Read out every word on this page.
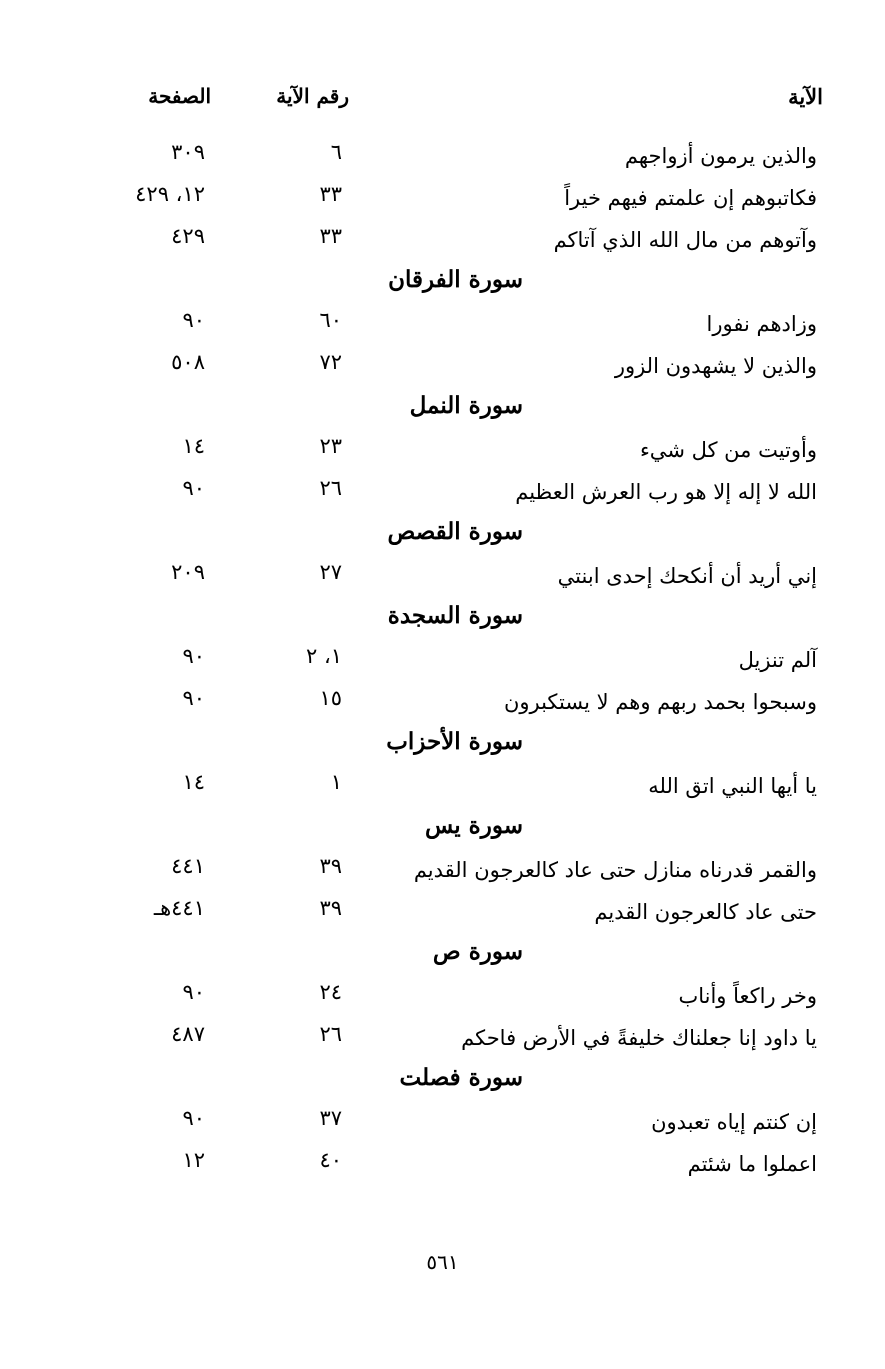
الآية
رقم الآية
الصفحة
والذين يرمون أزواجهم
٦
٣٠٩
فكاتبوهم إن علمتم فيهم خيراً
٣٣
١٢، ٤٢٩
وآتوهم من مال الله الذي آتاكم
٣٣
٤٢٩
سورة الفرقان
وزادهم نفورا
٦٠
٩٠
والذين لا يشهدون الزور
٧٢
٥٠٨
سورة النمل
وأوتيت من كل شيء
٢٣
١٤
الله لا إله إلا هو رب العرش العظيم
٢٦
٩٠
سورة القصص
إني أريد أن أنكحك إحدى ابنتي
٢٧
٢٠٩
سورة السجدة
آلم تنزيل
١، ٢
٩٠
وسبحوا بحمد ربهم وهم لا يستكبرون
١٥
٩٠
سورة الأحزاب
يا أيها النبي اتق الله
١
١٤
سورة يس
والقمر قدرناه منازل حتى عاد كالعرجون القديم
٣٩
٤٤١
حتى عاد كالعرجون القديم
٣٩
٤٤١هـ
سورة ص
وخر راكعاً وأناب
٢٤
٩٠
يا داود إنا جعلناك خليفةً في الأرض فاحكم
٢٦
٤٨٧
سورة فصلت
إن كنتم إياه تعبدون
٣٧
٩٠
اعملوا ما شئتم
٤٠
١٢
٥٦١
